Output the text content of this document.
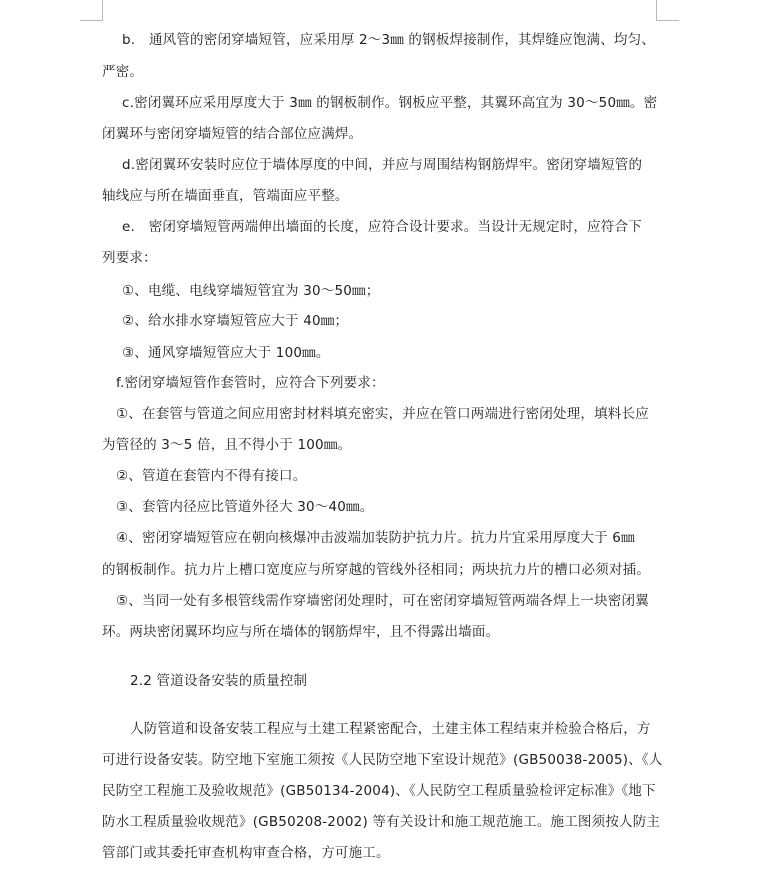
b.　通风管的密闭穿墙短管，应采用厚 2～3㎜ 的钢板焊接制作，其焊缝应饱满、均匀、
严密。
c.密闭翼环应采用厚度大于 3㎜ 的钢板制作。钢板应平整，其翼环高宜为 30～50㎜。密
闭翼环与密闭穿墙短管的结合部位应满焊。
d.密闭翼环安装时应位于墙体厚度的中间，并应与周围结构钢筋焊牢。密闭穿墙短管的
轴线应与所在墙面垂直，管端面应平整。
e.　密闭穿墙短管两端伸出墙面的长度，应符合设计要求。当设计无规定时，应符合下
列要求：
①、电缆、电线穿墙短管宜为 30～50㎜；
②、给水排水穿墙短管应大于 40㎜；
③、通风穿墙短管应大于 100㎜。
f.密闭穿墙短管作套管时，应符合下列要求：
①、在套管与管道之间应用密封材料填充密实，并应在管口两端进行密闭处理，填料长应
为管径的 3～5 倍，且不得小于 100㎜。
②、管道在套管内不得有接口。
③、套管内径应比管道外径大 30～40㎜。
④、密闭穿墙短管应在朝向核爆冲击波端加装防护抗力片。抗力片宜采用厚度大于 6㎜
的钢板制作。抗力片上槽口宽度应与所穿越的管线外径相同；两块抗力片的槽口必须对插。
⑤、当同一处有多根管线需作穿墙密闭处理时，可在密闭穿墙短管两端各焊上一块密闭翼
环。两块密闭翼环均应与所在墙体的钢筋焊牢，且不得露出墙面。
2.2 管道设备安装的质量控制
人防管道和设备安装工程应与土建工程紧密配合，土建主体工程结束并检验合格后，方
可进行设备安装。防空地下室施工须按《人民防空地下室设计规范》(GB50038-2005)、《人
民防空工程施工及验收规范》(GB50134-2004)、《人民防空工程质量验检评定标准》《地下
防水工程质量验收规范》(GB50208-2002) 等有关设计和施工规范施工。施工图须按人防主
管部门或其委托审查机构审查合格，方可施工。
